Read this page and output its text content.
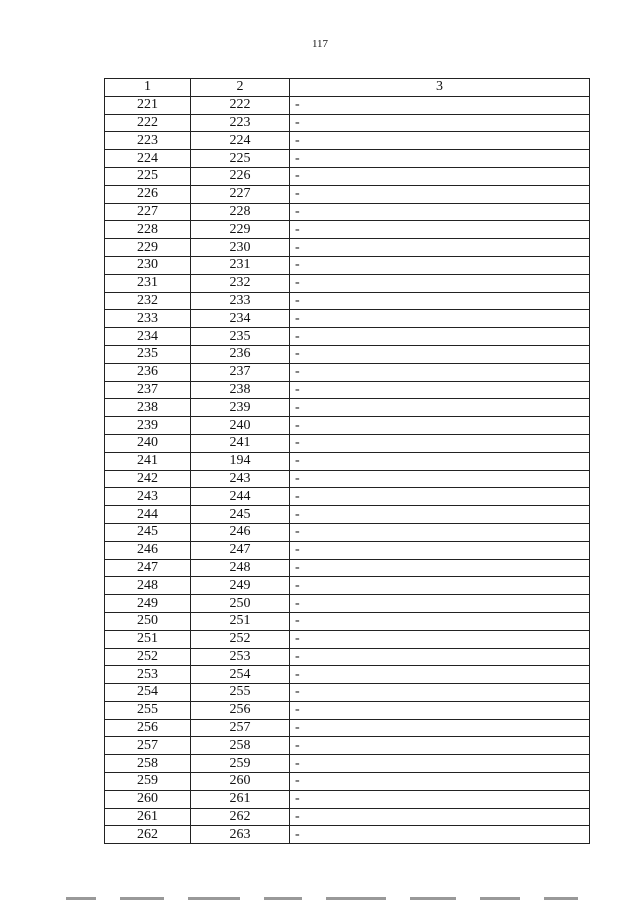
117
1	2	3
221	222	-
222	223	-
223	224	-
224	225	-
225	226	-
226	227	-
227	228	-
228	229	-
229	230	-
230	231	-
231	232	-
232	233	-
233	234	-
234	235	-
235	236	-
236	237	-
237	238	-
238	239	-
239	240	-
240	241	-
241	194	-
242	243	-
243	244	-
244	245	-
245	246	-
246	247	-
247	248	-
248	249	-
249	250	-
250	251	-
251	252	-
252	253	-
253	254	-
254	255	-
255	256	-
256	257	-
257	258	-
258	259	-
259	260	-
260	261	-
261	262	-
262	263	-
